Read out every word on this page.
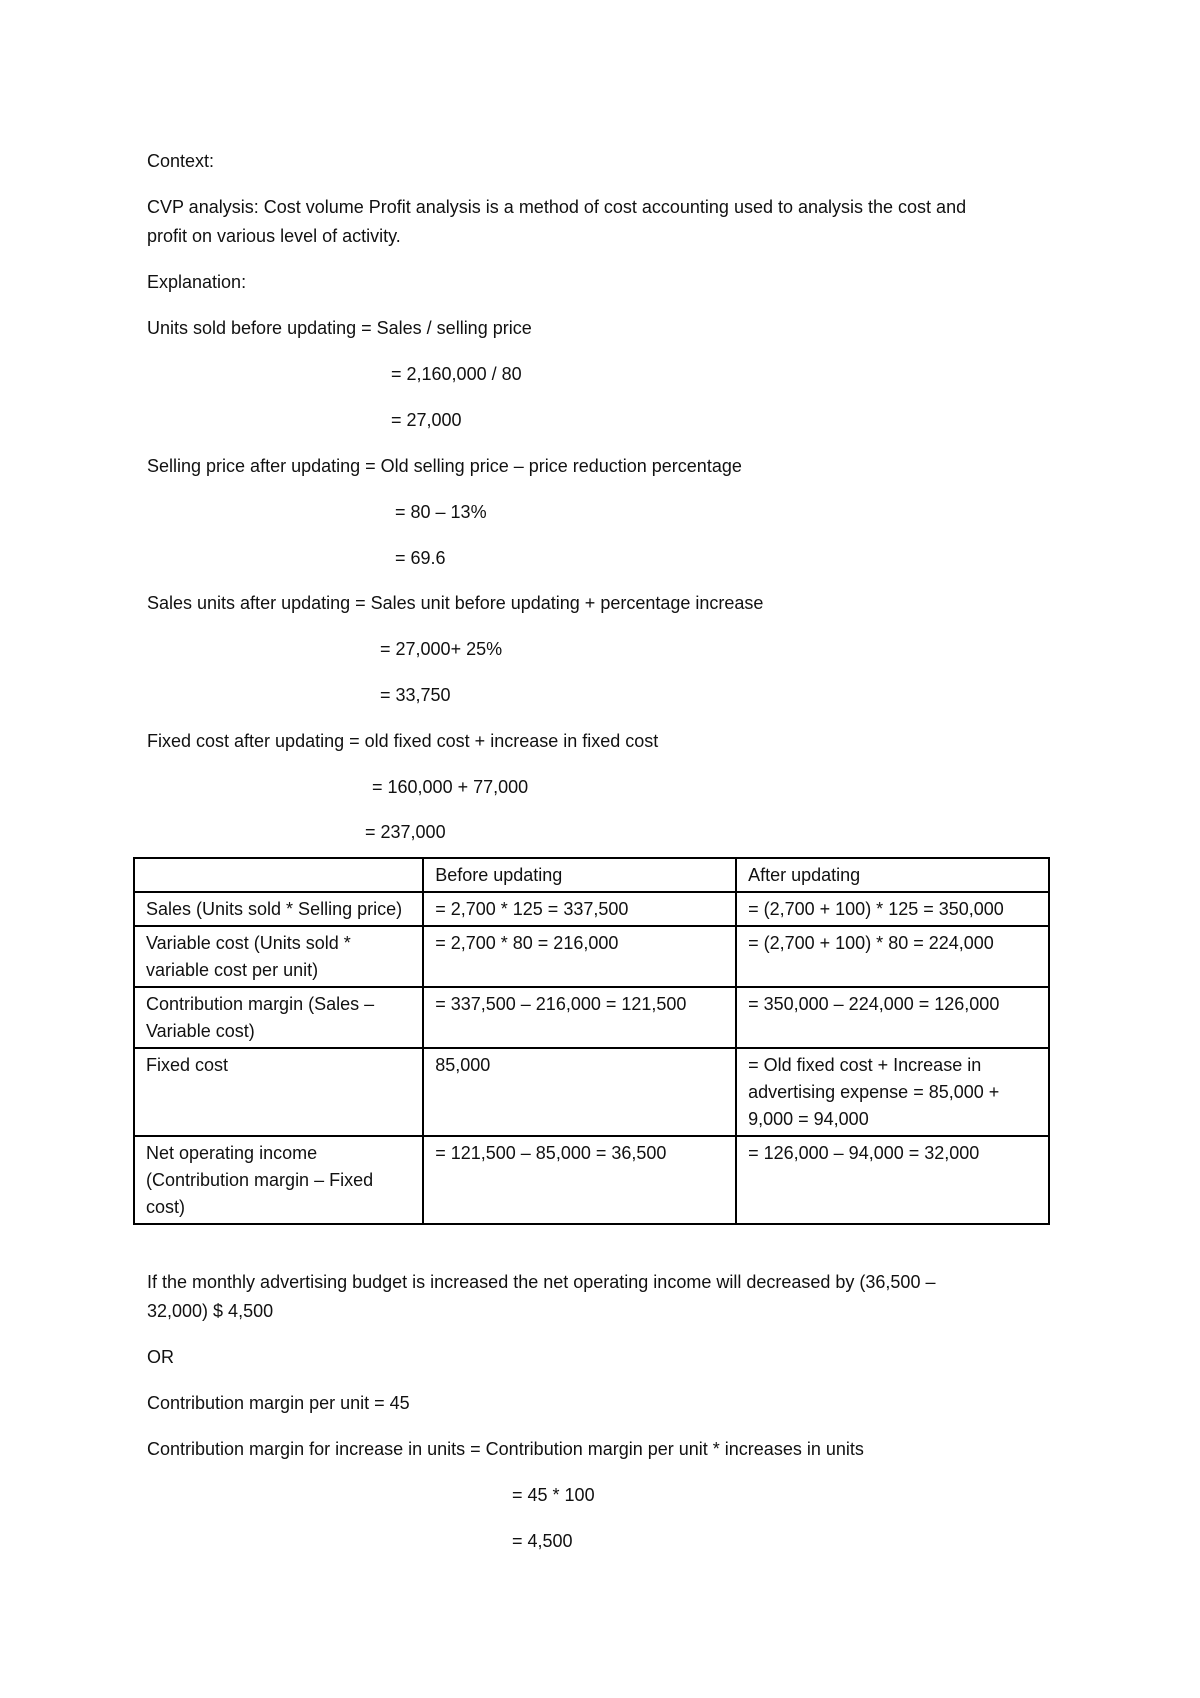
Context:
CVP analysis: Cost volume Profit analysis is a method of cost accounting used to analysis the cost and
profit on various level of activity.
Explanation:
Units sold before updating = Sales / selling price
= 2,160,000 / 80
= 27,000
Selling price after updating = Old selling price – price reduction percentage
= 80 – 13%
= 69.6
Sales units after updating = Sales unit before updating + percentage increase
= 27,000+ 25%
= 33,750
Fixed cost after updating = old fixed cost + increase in fixed cost
= 160,000 + 77,000
= 237,000
	Before updating	After updating
Sales (Units sold * Selling price)	= 2,700 * 125 = 337,500	= (2,700 + 100) * 125 = 350,000
Variable cost (Units sold * variable cost per unit)	= 2,700 * 80 = 216,000	= (2,700 + 100) * 80 = 224,000
Contribution margin (Sales – Variable cost)	= 337,500 – 216,000 = 121,500	= 350,000 – 224,000 = 126,000
Fixed cost	85,000	= Old fixed cost + Increase in advertising expense = 85,000 + 9,000 = 94,000
Net operating income (Contribution margin – Fixed cost)	= 121,500 – 85,000 = 36,500	= 126,000 – 94,000 = 32,000
If the monthly advertising budget is increased the net operating income will decreased by (36,500 –
32,000) $ 4,500
OR
Contribution margin per unit = 45
Contribution margin for increase in units = Contribution margin per unit * increases in units
= 45 * 100
= 4,500
